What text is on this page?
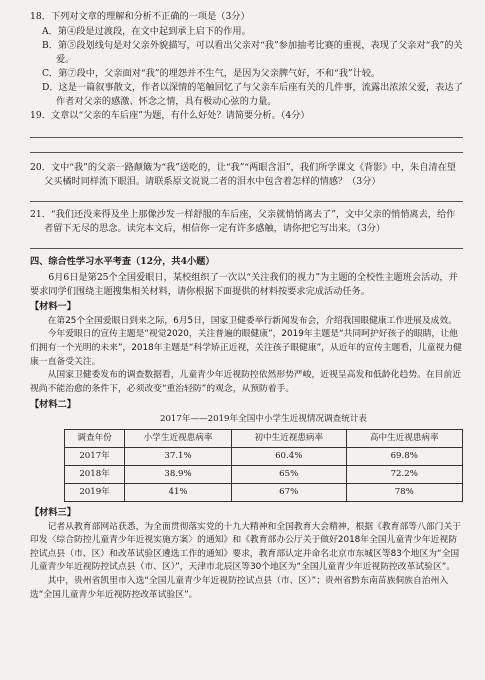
18．下列对文章的理解和分析不正确的一项是（3分）

A．第④段是过渡段，在文中起到承上启下的作用。

B．第⑤段划线句是对父亲外貌描写，可以看出父亲对“我”参加抽考比赛的重视，表现了父亲对“我”的关爱。

C．第⑦段中，父亲面对“我”的埋怨并不生气，是因为父亲脾气好，不和“我”计较。

D．这是一篇叙事散文，作者以深情的笔触回忆了与父亲车后座有关的几件事，流露出浓浓父爱，表达了作者对父亲的感激、怀念之情，具有极动心弦的力量。

19．文章以“父亲的车后座”为题，有什么好处？请简要分析。（4分）

20．文中“我”的父亲一路颠簸为“我”送吃的，让“我”“两眼含泪”，我们所学课文《背影》中，朱自清在望父买橘时同样流下眼泪。请联系原文说说二者的泪水中包含着怎样的情感？（3分）

21．“我们还没来得及坐上那像沙发一样舒服的车后座，父亲就悄悄离去了”，文中父亲的悄悄离去，给作者留下无尽的思念。读完本文后，相信你一定有许多感触，请你把它写出来。（3分）

四、综合性学习水平考查（12分，共4小题）

6月6日是第25个全国爱眼日，某校组织了一次以“关注我们的视力”为主题的全校性主题班会活动，并要求同学们围绕主题搜集相关材料，请你根据下面提供的材料按要求完成活动任务。

【材料一】

在第25个全国爱眼日到来之际，6月5日，国家卫健委举行新闻发布会，介绍我国眼健康工作进展及成效。

今年爱眼日的宣传主题是“视觉2020，关注普遍的眼健康”，2019年主题是“共同呵护好孩子的眼睛，让他们拥有一个光明的未来”，2018年主题是“科学矫正近视，关注孩子眼健康”，从近年的宣传主题看，儿童视力健康一直备受关注。

从国家卫健委发布的调查数据看，儿童青少年近视防控依然形势严峻，近视呈高发和低龄化趋势。在目前近视尚不能治愈的条件下，必须改变“重治轻防”的观念，从预防着手。

【材料二】

2017年——2019年全国中小学生近视情况调查统计表
调查年份	小学生近视患病率	初中生近视患病率	高中生近视患病率
2017年	37.1%	60.4%	69.8%
2018年	38.9%	65%	72.2%
2019年	41%	67%	78%

【材料三】

记者从教育部网站获悉，为全面贯彻落实党的十九大精神和全国教育大会精神，根据《教育部等八部门关于印发〈综合防控儿童青少年近视实施方案〉的通知》和《教育部办公厅关于做好2018年全国儿童青少年近视防控试点县（市、区）和改革试验区遴选工作的通知》要求，教育部认定并命名北京市东城区等83个地区为“全国儿童青少年近视防控试点县（市、区）”，天津市北辰区等30个地区为“全国儿童青少年近视防控改革试验区”。

其中，贵州省凯里市入选“全国儿童青少年近视防控试点县（市、区）”；贵州省黔东南苗族侗族自治州入选“全国儿童青少年近视防控改革试验区”。
